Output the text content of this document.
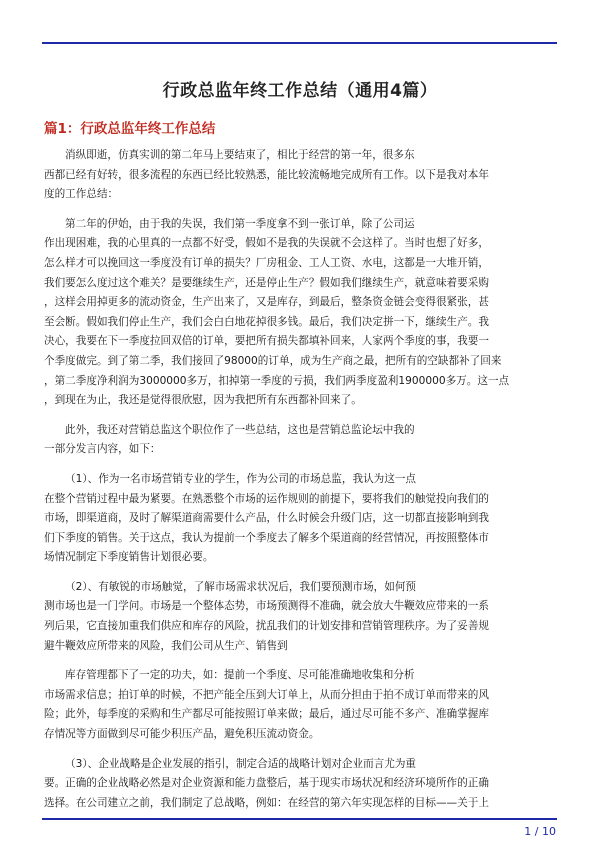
行政总监年终工作总结（通用4篇）
篇1：行政总监年终工作总结

消纵即逝，仿真实训的第二年马上要结束了，相比于经营的第一年，很多东
西都已经有好转，很多流程的东西已经比较熟悉，能比较流畅地完成所有工作。以下是我对本年
度的工作总结：

第二年的伊始，由于我的失误，我们第一季度拿不到一张订单，除了公司运
作出现困难，我的心里真的一点都不好受，假如不是我的失误就不会这样了。当时也想了好多，
怎么样才可以挽回这一季度没有订单的损失？厂房租金、工人工资、水电，这都是一大堆开销，
我们要怎么度过这个难关？是要继续生产，还是停止生产？假如我们继续生产，就意味着要采购
，这样会用掉更多的流动资金，生产出来了，又是库存，到最后，整条资金链会变得很紧张，甚
至会断。假如我们停止生产，我们会白白地花掉很多钱。最后，我们决定拼一下，继续生产。我
决心，我要在下一季度拉回双倍的订单，要把所有损失都填补回来，人家两个季度的事，我要一
个季度做完。到了第二季，我们接回了98000的订单，成为生产商之最，把所有的空缺都补了回来
，第二季度净利润为3000000多万，扣掉第一季度的亏损，我们两季度盈利1900000多万。这一点
，到现在为止，我还是觉得很欣慰，因为我把所有东西都补回来了。

此外，我还对营销总监这个职位作了一些总结，这也是营销总监论坛中我的
一部分发言内容，如下：

（1）、作为一名市场营销专业的学生，作为公司的市场总监，我认为这一点
在整个营销过程中最为紧要。在熟悉整个市场的运作规则的前提下，要将我们的触觉投向我们的
市场，即渠道商，及时了解渠道商需要什么产品，什么时候会升级门店，这一切都直接影响到我
们下季度的销售。关于这点，我认为提前一个季度去了解多个渠道商的经营情况，再按照整体市
场情况制定下季度销售计划很必要。

（2）、有敏锐的市场触觉，了解市场需求状况后，我们要预测市场，如何预
测市场也是一门学问。市场是一个整体态势，市场预测得不准确，就会放大牛鞭效应带来的一系
列后果，它直接加重我们供应和库存的风险，扰乱我们的计划安排和营销管理秩序。为了妥善规
避牛鞭效应所带来的风险，我们公司从生产、销售到

库存管理都下了一定的功夫，如：提前一个季度、尽可能准确地收集和分析
市场需求信息；拍订单的时候，不把产能全压到大订单上，从而分担由于拍不成订单而带来的风
险；此外，每季度的采购和生产都尽可能按照订单来做；最后，通过尽可能不多产、准确掌握库
存情况等方面做到尽可能少积压产品，避免积压流动资金。

（3）、企业战略是企业发展的指引，制定合适的战略计划对企业而言尤为重
要。正确的企业战略必然是对企业资源和能力盘整后，基于现实市场状况和经济环境所作的正确
选择。在公司建立之前，我们制定了总战略，例如：在经营的第六年实现怎样的目标——关于上

1 / 10
